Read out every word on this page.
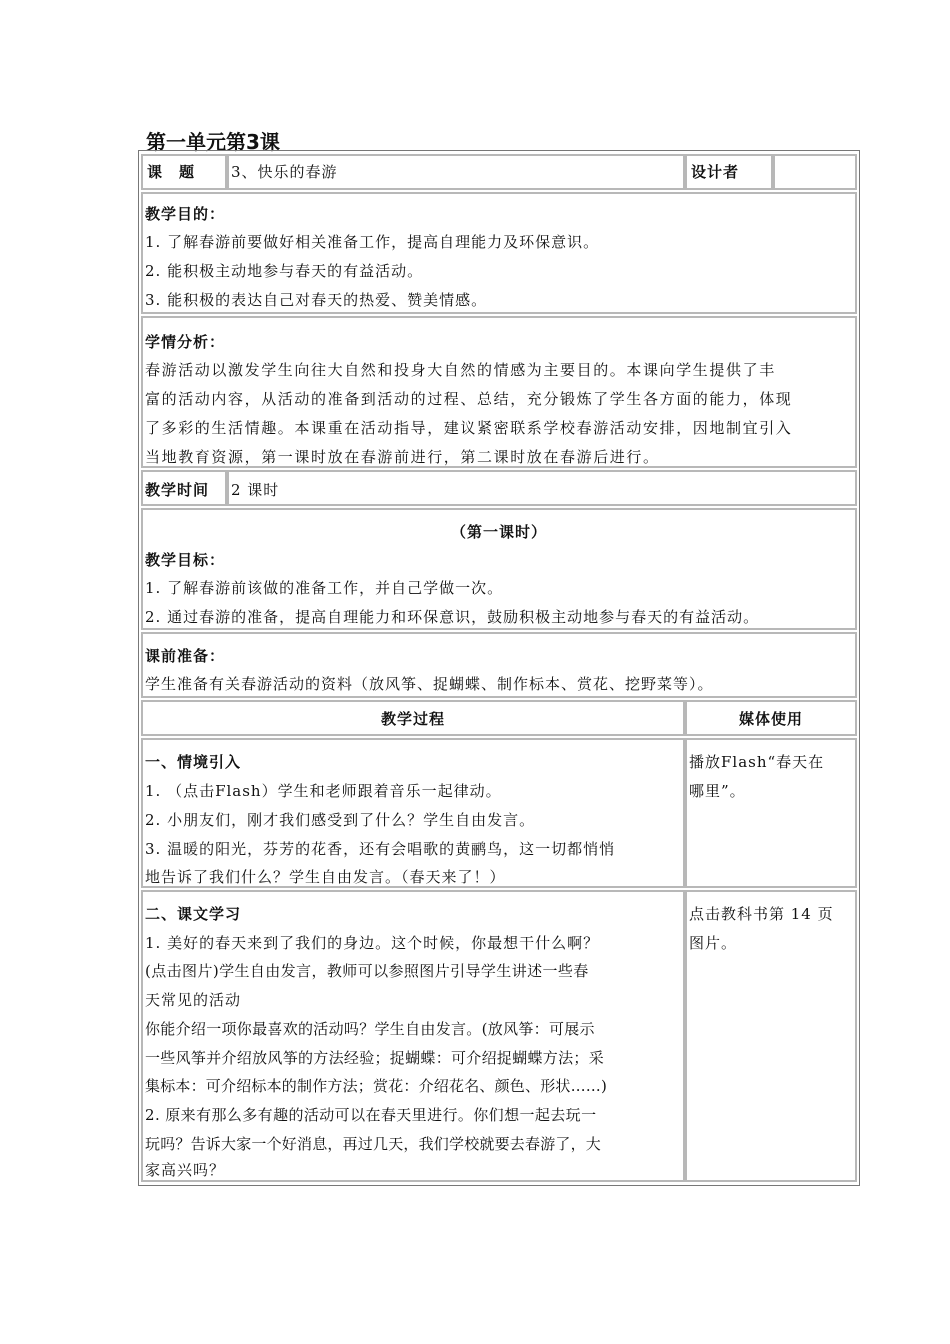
第一单元第3课
课　题 3、快乐的春游	设计者
教学目的：
1. 了解春游前要做好相关准备工作，提高自理能力及环保意识。
2. 能积极主动地参与春天的有益活动。
3. 能积极的表达自己对春天的热爱、赞美情感。
学情分析：
春游活动以激发学生向往大自然和投身大自然的情感为主要目的。本课向学生提供了丰
富的活动内容，从活动的准备到活动的过程、总结，充分锻炼了学生各方面的能力，体现
了多彩的生活情趣。本课重在活动指导，建议紧密联系学校春游活动安排，因地制宜引入
当地教育资源，第一课时放在春游前进行，第二课时放在春游后进行。
教学时间 2 课时
（第一课时）
教学目标：
1. 了解春游前该做的准备工作，并自己学做一次。
2. 通过春游的准备，提高自理能力和环保意识，鼓励积极主动地参与春天的有益活动。
课前准备：
学生准备有关春游活动的资料（放风筝、捉蝴蝶、制作标本、赏花、挖野菜等）。
教学过程	媒体使用
一、情境引入
1. （点击Flash）学生和老师跟着音乐一起律动。
2. 小朋友们，刚才我们感受到了什么？学生自由发言。
3. 温暖的阳光，芬芳的花香，还有会唱歌的黄鹂鸟，这一切都悄悄
地告诉了我们什么？学生自由发言。（春天来了！）
播放Flash“春天在
哪里”。
二、课文学习
1. 美好的春天来到了我们的身边。这个时候，你最想干什么啊？
(点击图片)学生自由发言，教师可以参照图片引导学生讲述一些春
天常见的活动
你能介绍一项你最喜欢的活动吗？学生自由发言。(放风筝：可展示
一些风筝并介绍放风筝的方法经验；捉蝴蝶：可介绍捉蝴蝶方法；采
集标本：可介绍标本的制作方法；赏花：介绍花名、颜色、形状……)
2. 原来有那么多有趣的活动可以在春天里进行。你们想一起去玩一
玩吗？告诉大家一个好消息，再过几天，我们学校就要去春游了，大
家高兴吗？
点击教科书第 14 页
图片。
